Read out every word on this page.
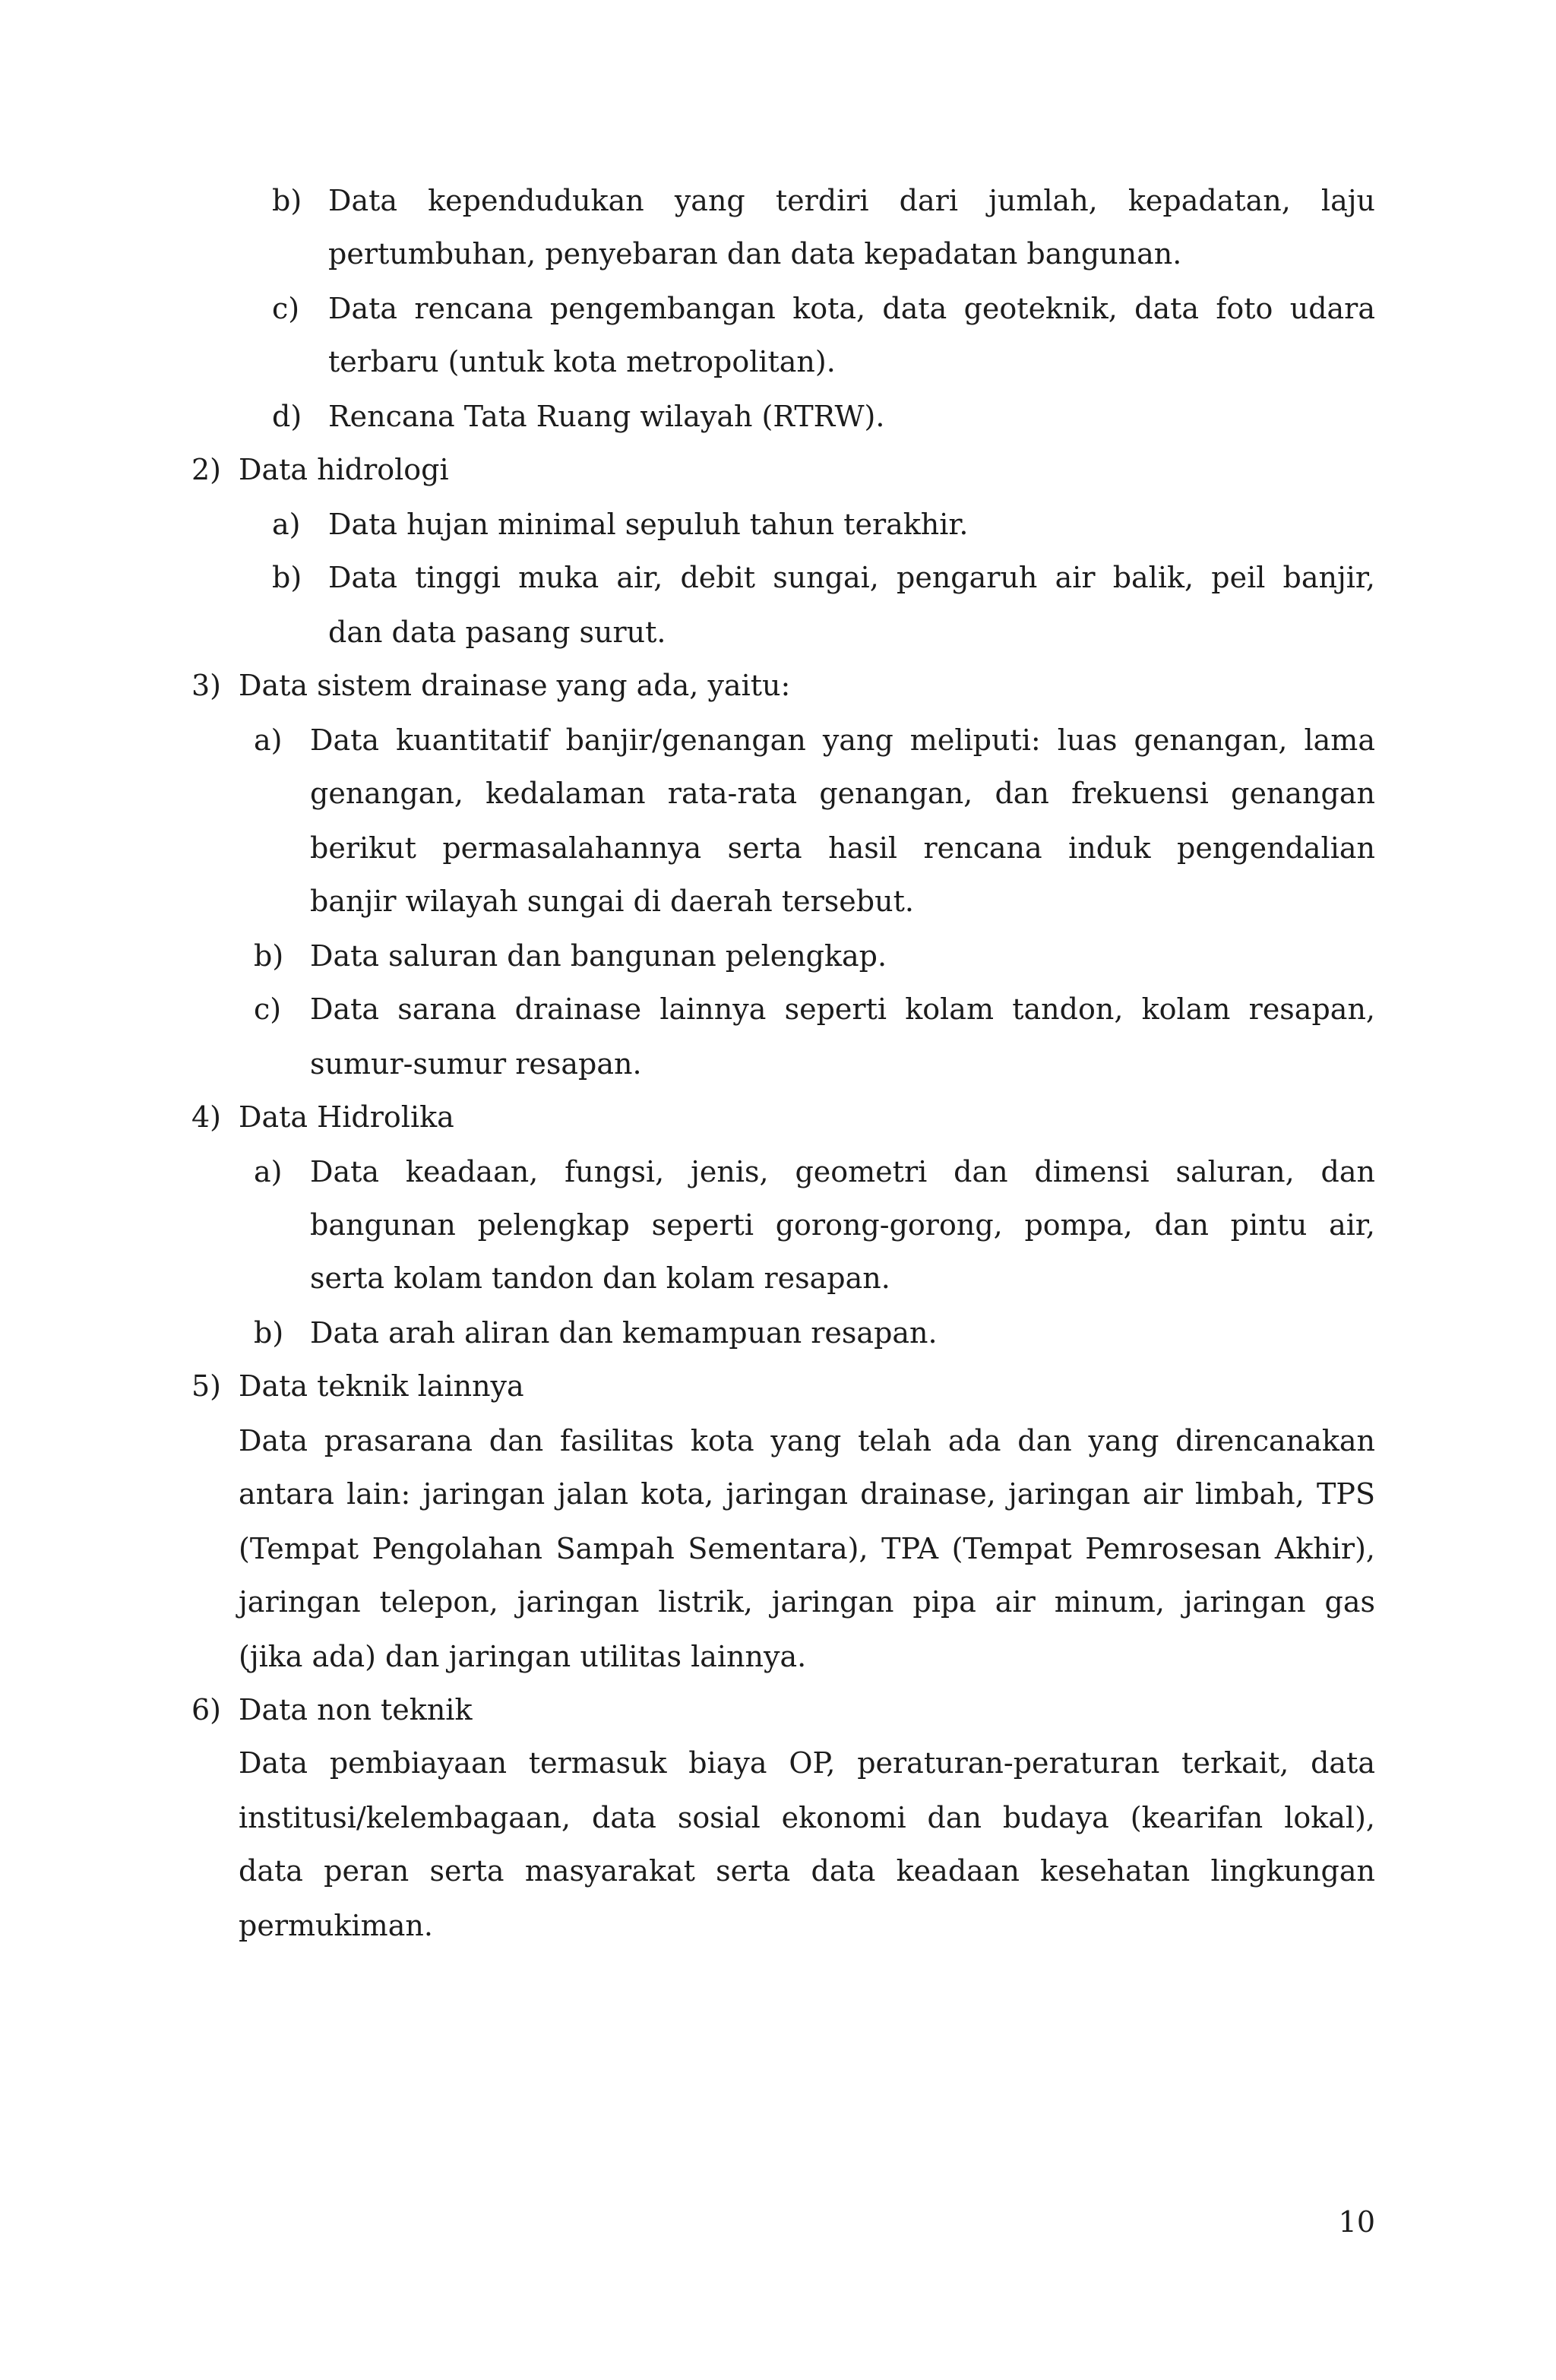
b) Data kependudukan yang terdiri dari jumlah, kepadatan, laju
pertumbuhan, penyebaran dan data kepadatan bangunan.
c) Data rencana pengembangan kota, data geoteknik, data foto udara
terbaru (untuk kota metropolitan).
d) Rencana Tata Ruang wilayah (RTRW).
2) Data hidrologi
a) Data hujan minimal sepuluh tahun terakhir.
b) Data tinggi muka air, debit sungai, pengaruh air balik, peil banjir,
dan data pasang surut.
3) Data sistem drainase yang ada, yaitu:
a) Data kuantitatif banjir/genangan yang meliputi: luas genangan, lama
genangan, kedalaman rata-rata genangan, dan frekuensi genangan
berikut permasalahannya serta hasil rencana induk pengendalian
banjir wilayah sungai di daerah tersebut.
b) Data saluran dan bangunan pelengkap.
c) Data sarana drainase lainnya seperti kolam tandon, kolam resapan,
sumur-sumur resapan.
4) Data Hidrolika
a) Data keadaan, fungsi, jenis, geometri dan dimensi saluran, dan
bangunan pelengkap seperti gorong-gorong, pompa, dan pintu air,
serta kolam tandon dan kolam resapan.
b) Data arah aliran dan kemampuan resapan.
5) Data teknik lainnya
Data prasarana dan fasilitas kota yang telah ada dan yang direncanakan
antara lain: jaringan jalan kota, jaringan drainase, jaringan air limbah, TPS
(Tempat Pengolahan Sampah Sementara), TPA (Tempat Pemrosesan Akhir),
jaringan telepon, jaringan listrik, jaringan pipa air minum, jaringan gas
(jika ada) dan jaringan utilitas lainnya.
6) Data non teknik
Data pembiayaan termasuk biaya OP, peraturan-peraturan terkait, data
institusi/kelembagaan, data sosial ekonomi dan budaya (kearifan lokal),
data peran serta masyarakat serta data keadaan kesehatan lingkungan
permukiman.
10
